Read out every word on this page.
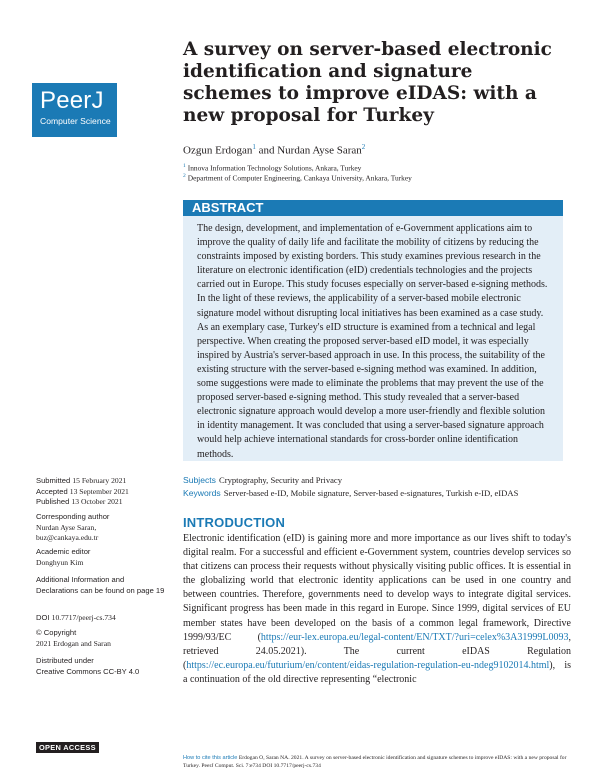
PeerJ
Computer Science
A survey on server-based electronic identification and signature schemes to improve eIDAS: with a new proposal for Turkey
Ozgun Erdogan$^1$ and Nurdan Ayse Saran$^2$
$^1$ Innova Information Technology Solutions, Ankara, Turkey
$^2$ Department of Computer Engineering, Cankaya University, Ankara, Turkey
ABSTRACT
The design, development, and implementation of e-Government applications aim to improve the quality of daily life and facilitate the mobility of citizens by reducing the constraints imposed by existing borders. This study examines previous research in the literature on electronic identification (eID) credentials technologies and the projects carried out in Europe. This study focuses especially on server-based e-signing methods. In the light of these reviews, the applicability of a server-based mobile electronic signature model without disrupting local initiatives has been examined as a case study. As an exemplary case, Turkey's eID structure is examined from a technical and legal perspective. When creating the proposed server-based eID model, it was especially inspired by Austria's server-based approach in use. In this process, the suitability of the existing structure with the server-based e-signing method was examined. In addition, some suggestions were made to eliminate the problems that may prevent the use of the proposed server-based e-signing method. This study revealed that a server-based electronic signature approach would develop a more user-friendly and flexible solution in identity management. It was concluded that using a server-based signature approach would help achieve international standards for cross-border online identification methods.
Subjects Cryptography, Security and Privacy
Keywords Server-based e-ID, Mobile signature, Server-based e-signatures, Turkish e-ID, eIDAS
INTRODUCTION
Electronic identification (eID) is gaining more and more importance as our lives shift to today's digital realm. For a successful and efficient e-Government system, countries develop services so that citizens can process their requests without physically visiting public offices. It is essential in the globalizing world that electronic identity applications can be used in one country and between countries. Therefore, governments need to develop ways to integrate digital services. Significant progress has been made in this regard in Europe. Since 1999, digital services of EU member states have been developed on the basis of a common legal framework, Directive 1999/93/EC (https://eur-lex.europa.eu/legal-content/EN/TXT/?uri=celex%3A31999L0093, retrieved 24.05.2021). The current eIDAS Regulation (https://ec.europa.eu/futurium/en/content/eidas-regulation-regulation-eu-ndeg9102014.html), is a continuation of the old directive representing “electronic
Submitted 15 February 2021
Accepted 13 September 2021
Published 13 October 2021
Corresponding author
Nurdan Ayse Saran,
buz@cankaya.edu.tr
Academic editor
Donghyun Kim
Additional Information and Declarations can be found on page 19
DOI 10.7717/peerj-cs.734
© Copyright
2021 Erdogan and Saran
Distributed under
Creative Commons CC-BY 4.0
OPEN ACCESS
How to cite this article Erdogan O, Saran NA. 2021. A survey on server-based electronic identification and signature schemes to improve eIDAS: with a new proposal for Turkey. PeerJ Comput. Sci. 7:e734 DOI 10.7717/peerj-cs.734
